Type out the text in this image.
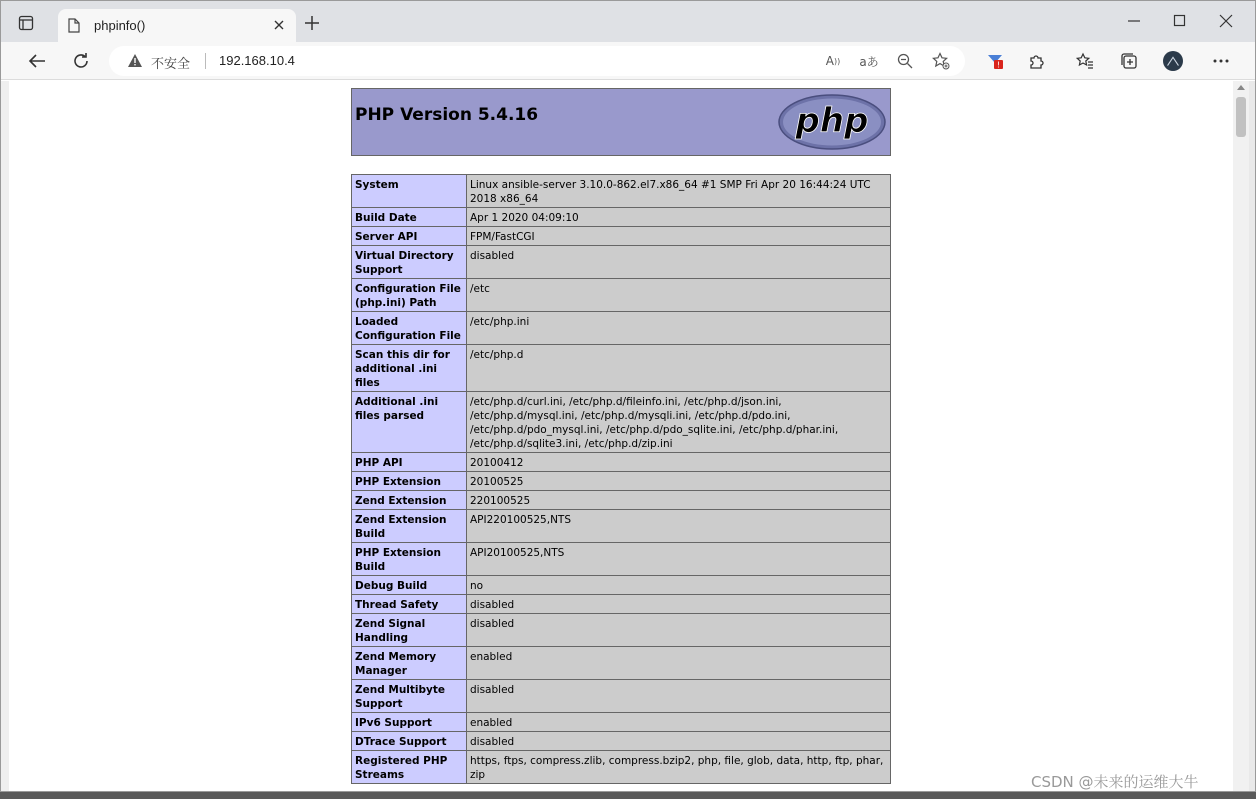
phpinfo()
不安全 192.168.10.4	A )) aあ	!
PHP Version 5.4.16	php
System	Linux ansible-server 3.10.0-862.el7.x86_64 #1 SMP Fri Apr 20 16:44:24 UTC 2018 x86_64
Build Date	Apr 1 2020 04:09:10
Server API	FPM/FastCGI
Virtual Directory Support	disabled
Configuration File (php.ini) Path	/etc
Loaded Configuration File	/etc/php.ini
Scan this dir for additional .ini files	/etc/php.d
Additional .ini files parsed	/etc/php.d/curl.ini, /etc/php.d/fileinfo.ini, /etc/php.d/json.ini, /etc/php.d/mysql.ini, /etc/php.d/mysqli.ini, /etc/php.d/pdo.ini, /etc/php.d/pdo_mysql.ini, /etc/php.d/pdo_sqlite.ini, /etc/php.d/phar.ini, /etc/php.d/sqlite3.ini, /etc/php.d/zip.ini
PHP API	20100412
PHP Extension	20100525
Zend Extension	220100525
Zend Extension Build	API220100525,NTS
PHP Extension Build	API20100525,NTS
Debug Build	no
Thread Safety	disabled
Zend Signal Handling	disabled
Zend Memory Manager	enabled
Zend Multibyte Support	disabled
IPv6 Support	enabled
DTrace Support	disabled
Registered PHP Streams	https, ftps, compress.zlib, compress.bzip2, php, file, glob, data, http, ftp, phar, zip	CSDN @未来的运维大牛
